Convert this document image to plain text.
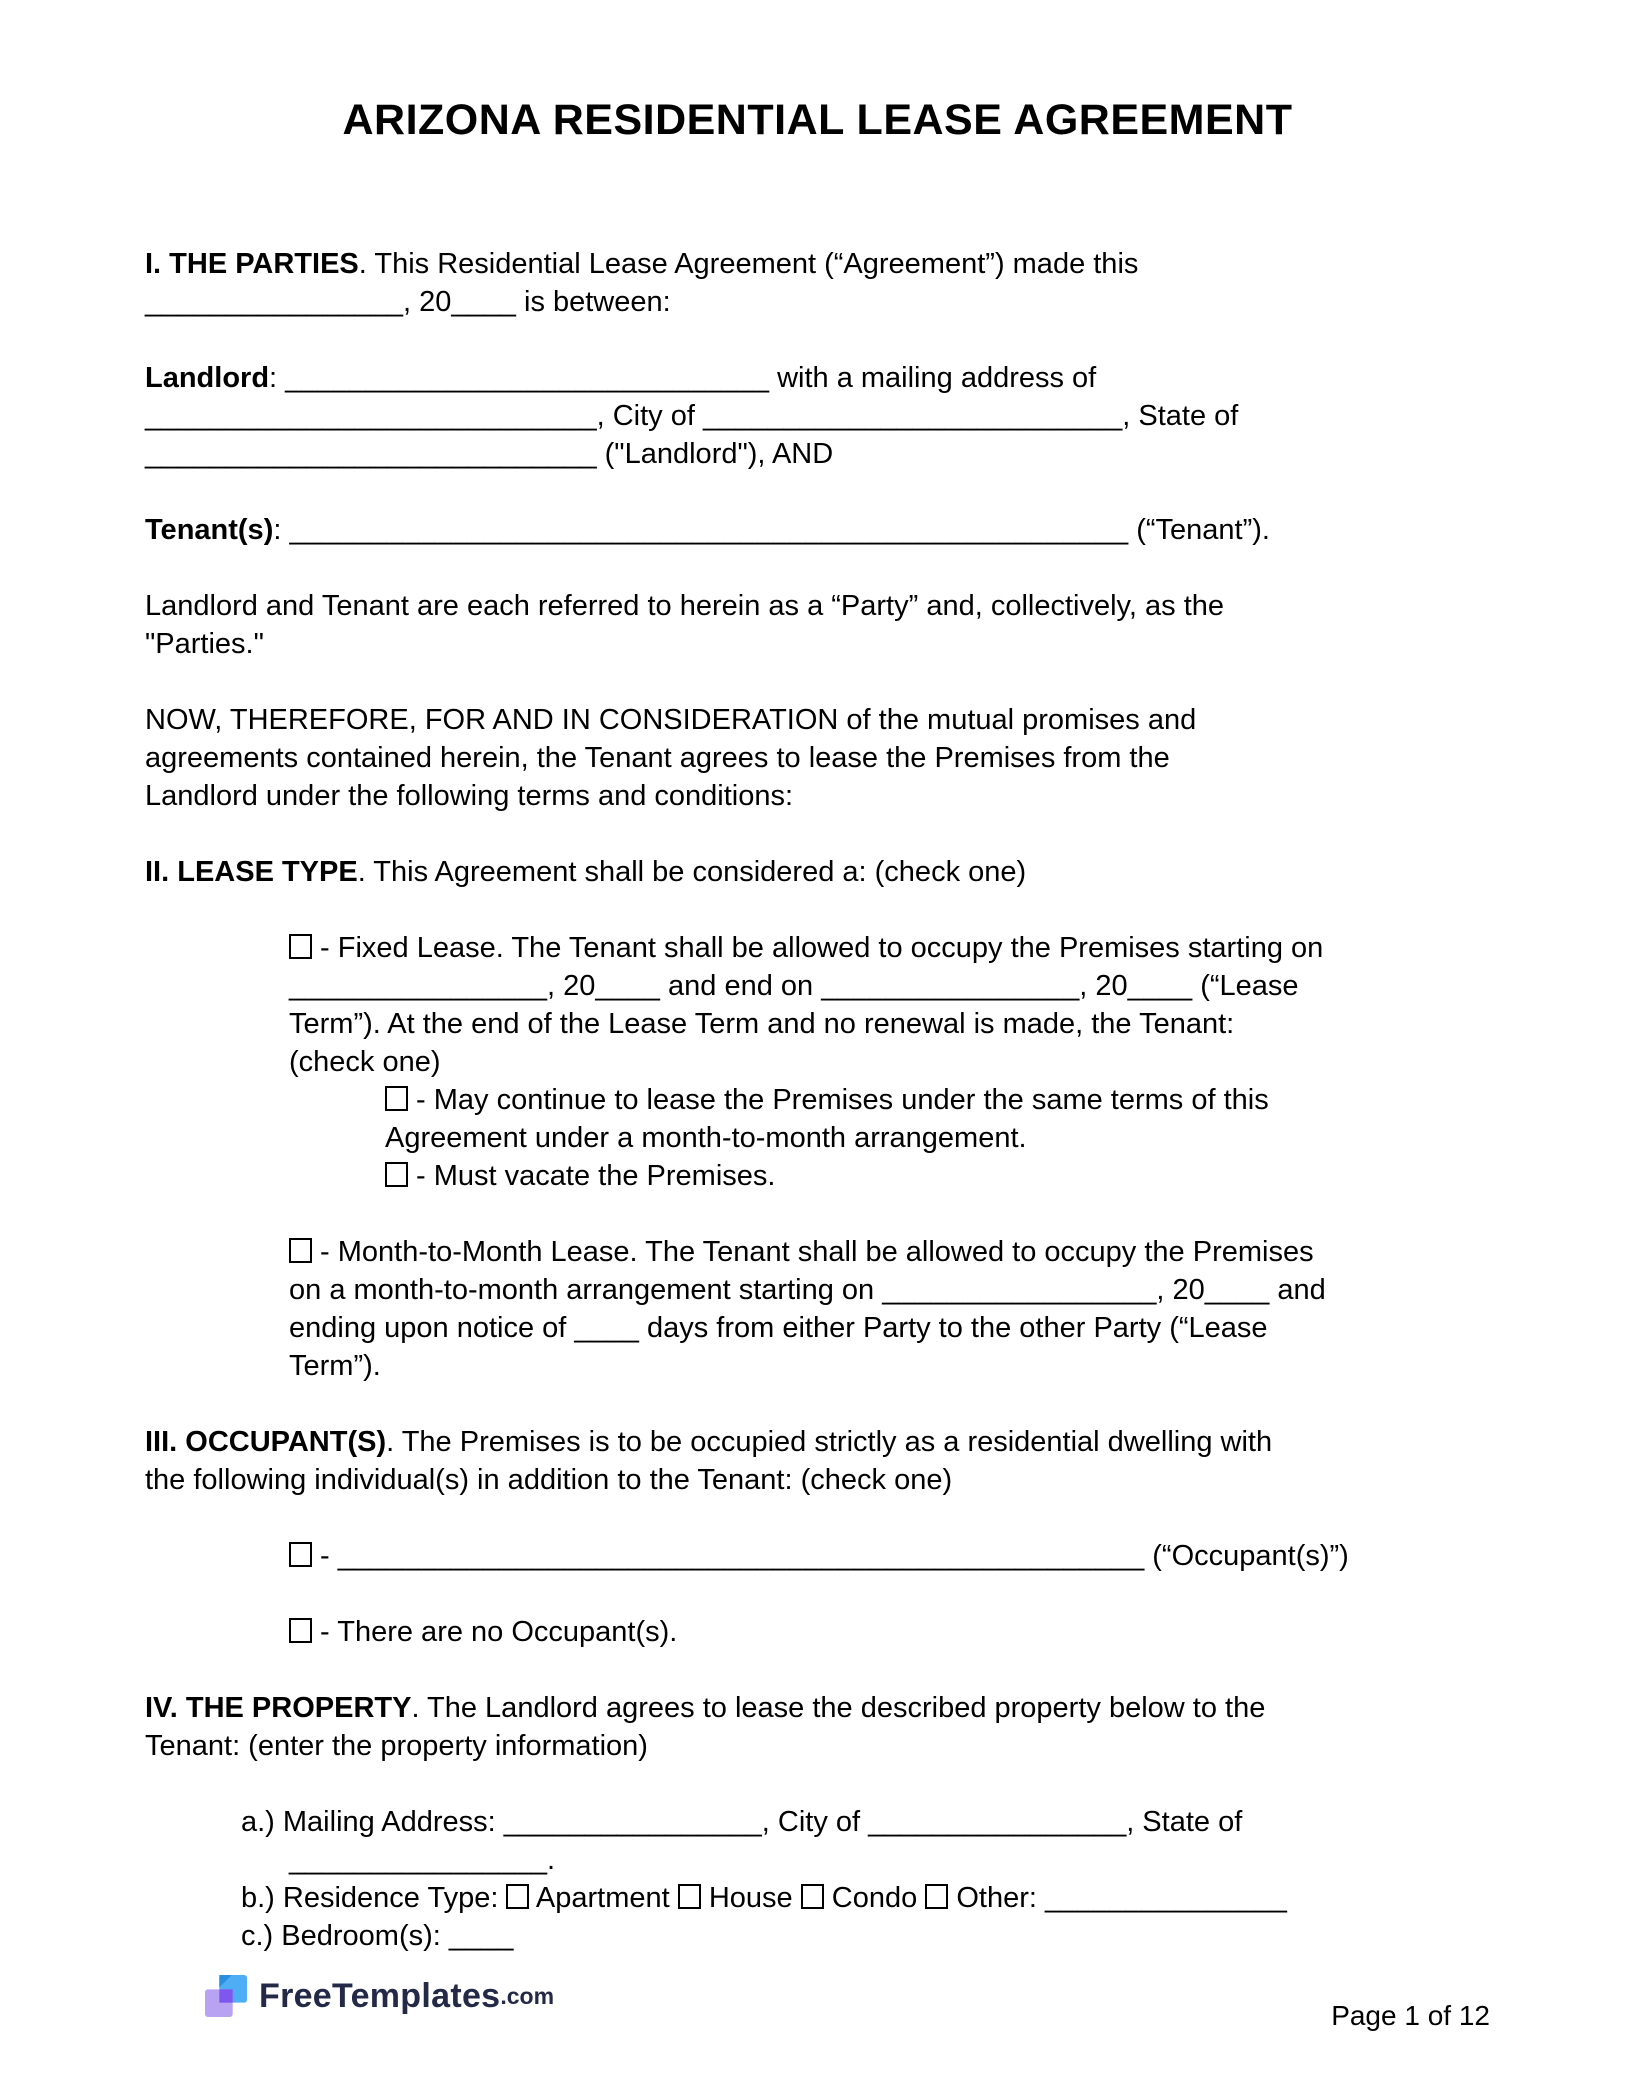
ARIZONA RESIDENTIAL LEASE AGREEMENT
I. THE PARTIES. This Residential Lease Agreement (“Agreement”) made this
________________, 20____ is between:
Landlord: ______________________________ with a mailing address of
____________________________, City of __________________________, State of
____________________________ ("Landlord"), AND
Tenant(s): ____________________________________________________ (“Tenant”).
Landlord and Tenant are each referred to herein as a “Party” and, collectively, as the
"Parties."
NOW, THEREFORE, FOR AND IN CONSIDERATION of the mutual promises and
agreements contained herein, the Tenant agrees to lease the Premises from the
Landlord under the following terms and conditions:
II. LEASE TYPE. This Agreement shall be considered a: (check one)
- Fixed Lease. The Tenant shall be allowed to occupy the Premises starting on
________________, 20____ and end on ________________, 20____ (“Lease
Term”). At the end of the Lease Term and no renewal is made, the Tenant:
(check one)
- May continue to lease the Premises under the same terms of this
Agreement under a month-to-month arrangement.
- Must vacate the Premises.
- Month-to-Month Lease. The Tenant shall be allowed to occupy the Premises
on a month-to-month arrangement starting on _________________, 20____ and
ending upon notice of ____ days from either Party to the other Party (“Lease
Term”).
III. OCCUPANT(S). The Premises is to be occupied strictly as a residential dwelling with
the following individual(s) in addition to the Tenant: (check one)
- __________________________________________________ (“Occupant(s)”)
- There are no Occupant(s).
IV. THE PROPERTY. The Landlord agrees to lease the described property below to the
Tenant: (enter the property information)
a.) Mailing Address: ________________, City of ________________, State of
________________.
b.) Residence Type:  Apartment  House  Condo  Other: _______________
c.) Bedroom(s): ____
FreeTemplates .com
Page 1 of 12
